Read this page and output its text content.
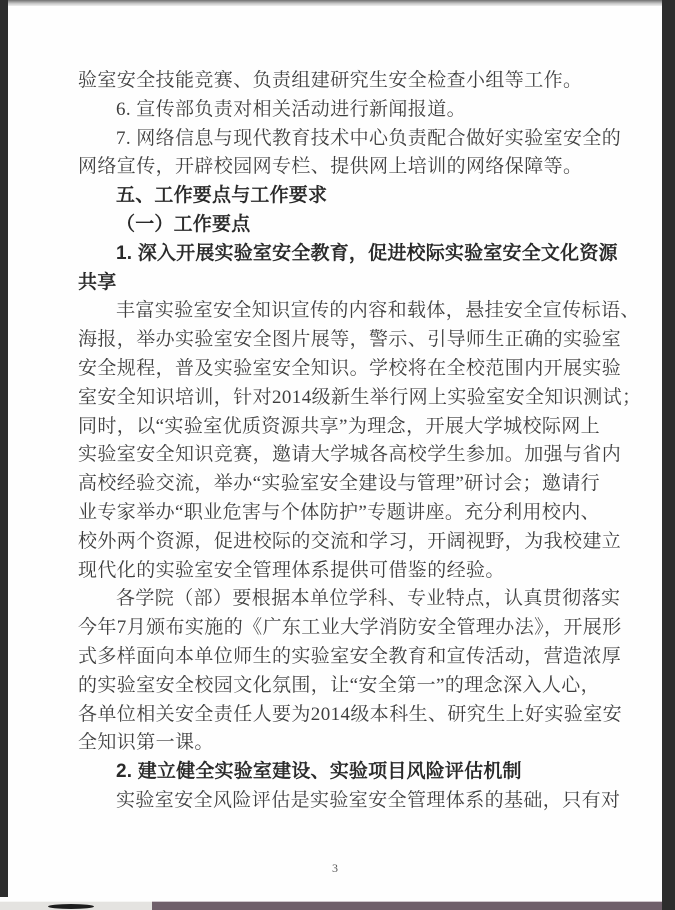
验室安全技能竞赛、负责组建研究生安全检查小组等工作。
6. 宣传部负责对相关活动进行新闻报道。
7. 网络信息与现代教育技术中心负责配合做好实验室安全的
网络宣传，开辟校园网专栏、提供网上培训的网络保障等。
五、工作要点与工作要求
（一）工作要点
1. 深入开展实验室安全教育，促进校际实验室安全文化资源
共享
丰富实验室安全知识宣传的内容和载体，悬挂安全宣传标语、
海报，举办实验室安全图片展等，警示、引导师生正确的实验室
安全规程，普及实验室安全知识。学校将在全校范围内开展实验
室安全知识培训，针对2014级新生举行网上实验室安全知识测试；
同时，以“实验室优质资源共享”为理念，开展大学城校际网上
实验室安全知识竞赛，邀请大学城各高校学生参加。加强与省内
高校经验交流，举办“实验室安全建设与管理”研讨会；邀请行
业专家举办“职业危害与个体防护”专题讲座。充分利用校内、
校外两个资源，促进校际的交流和学习，开阔视野，为我校建立
现代化的实验室安全管理体系提供可借鉴的经验。
各学院（部）要根据本单位学科、专业特点，认真贯彻落实
今年7月颁布实施的《广东工业大学消防安全管理办法》，开展形
式多样面向本单位师生的实验室安全教育和宣传活动，营造浓厚
的实验室安全校园文化氛围，让“安全第一”的理念深入人心，
各单位相关安全责任人要为2014级本科生、研究生上好实验室安
全知识第一课。
2. 建立健全实验室建设、实验项目风险评估机制
实验室安全风险评估是实验室安全管理体系的基础，只有对
3
